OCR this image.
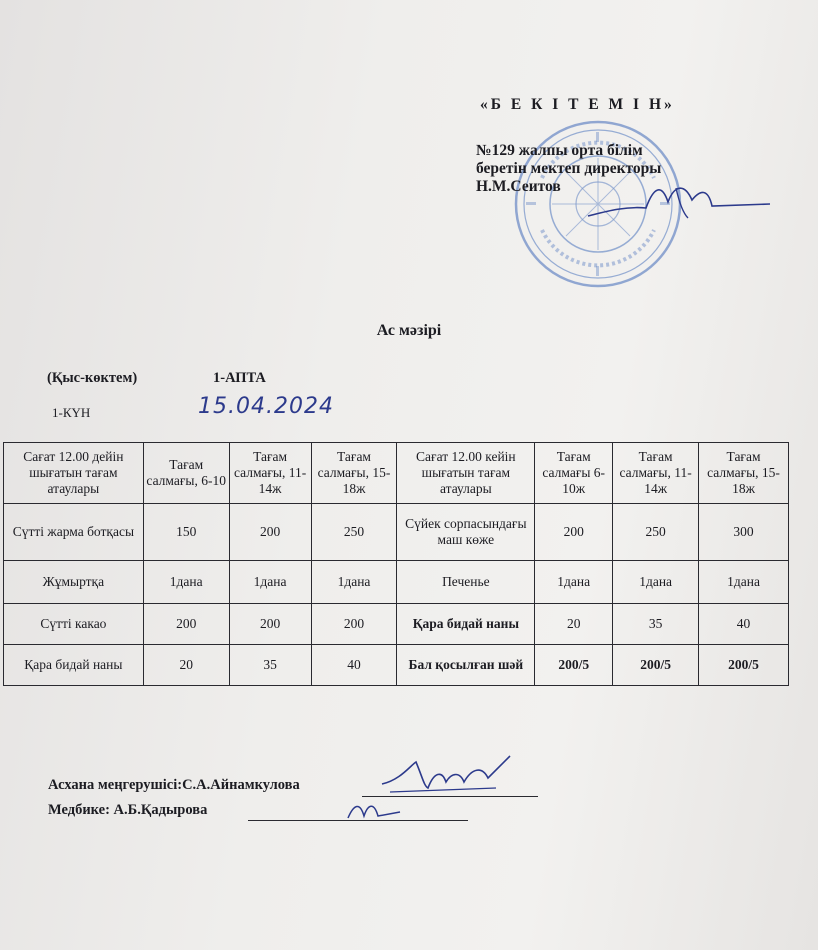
«Б Е К І Т Е М І Н»
№129 жалпы орта білім
беретін мектеп директоры
Н.М.Сеитов
Ас мәзірі
(Қыс-көктем)	1-АПТА
1-КҮН	15.04.2024
Сағат 12.00 дейін шығатын тағам атаулары	Тағам салмағы, 6-10	Тағам салмағы, 11-14ж	Тағам салмағы, 15-18ж	Сағат 12.00 кейін шығатын тағам атаулары	Тағам салмағы 6-10ж	Тағам салмағы, 11-14ж	Тағам салмағы, 15-18ж
Сүтті жарма ботқасы	150	200	250	Сүйек сорпасындағы маш көже	200	250	300
Жұмыртқа	1дана	1дана	1дана	Печенье	1дана	1дана	1дана
Сүтті какао	200	200	200	Қара бидай наны	20	35	40
Қара бидай наны	20	35	40	Бал қосылған шәй	200/5	200/5	200/5
Асхана меңгерушісі:С.А.Айнамкулова
Медбике: А.Б.Қадырова
